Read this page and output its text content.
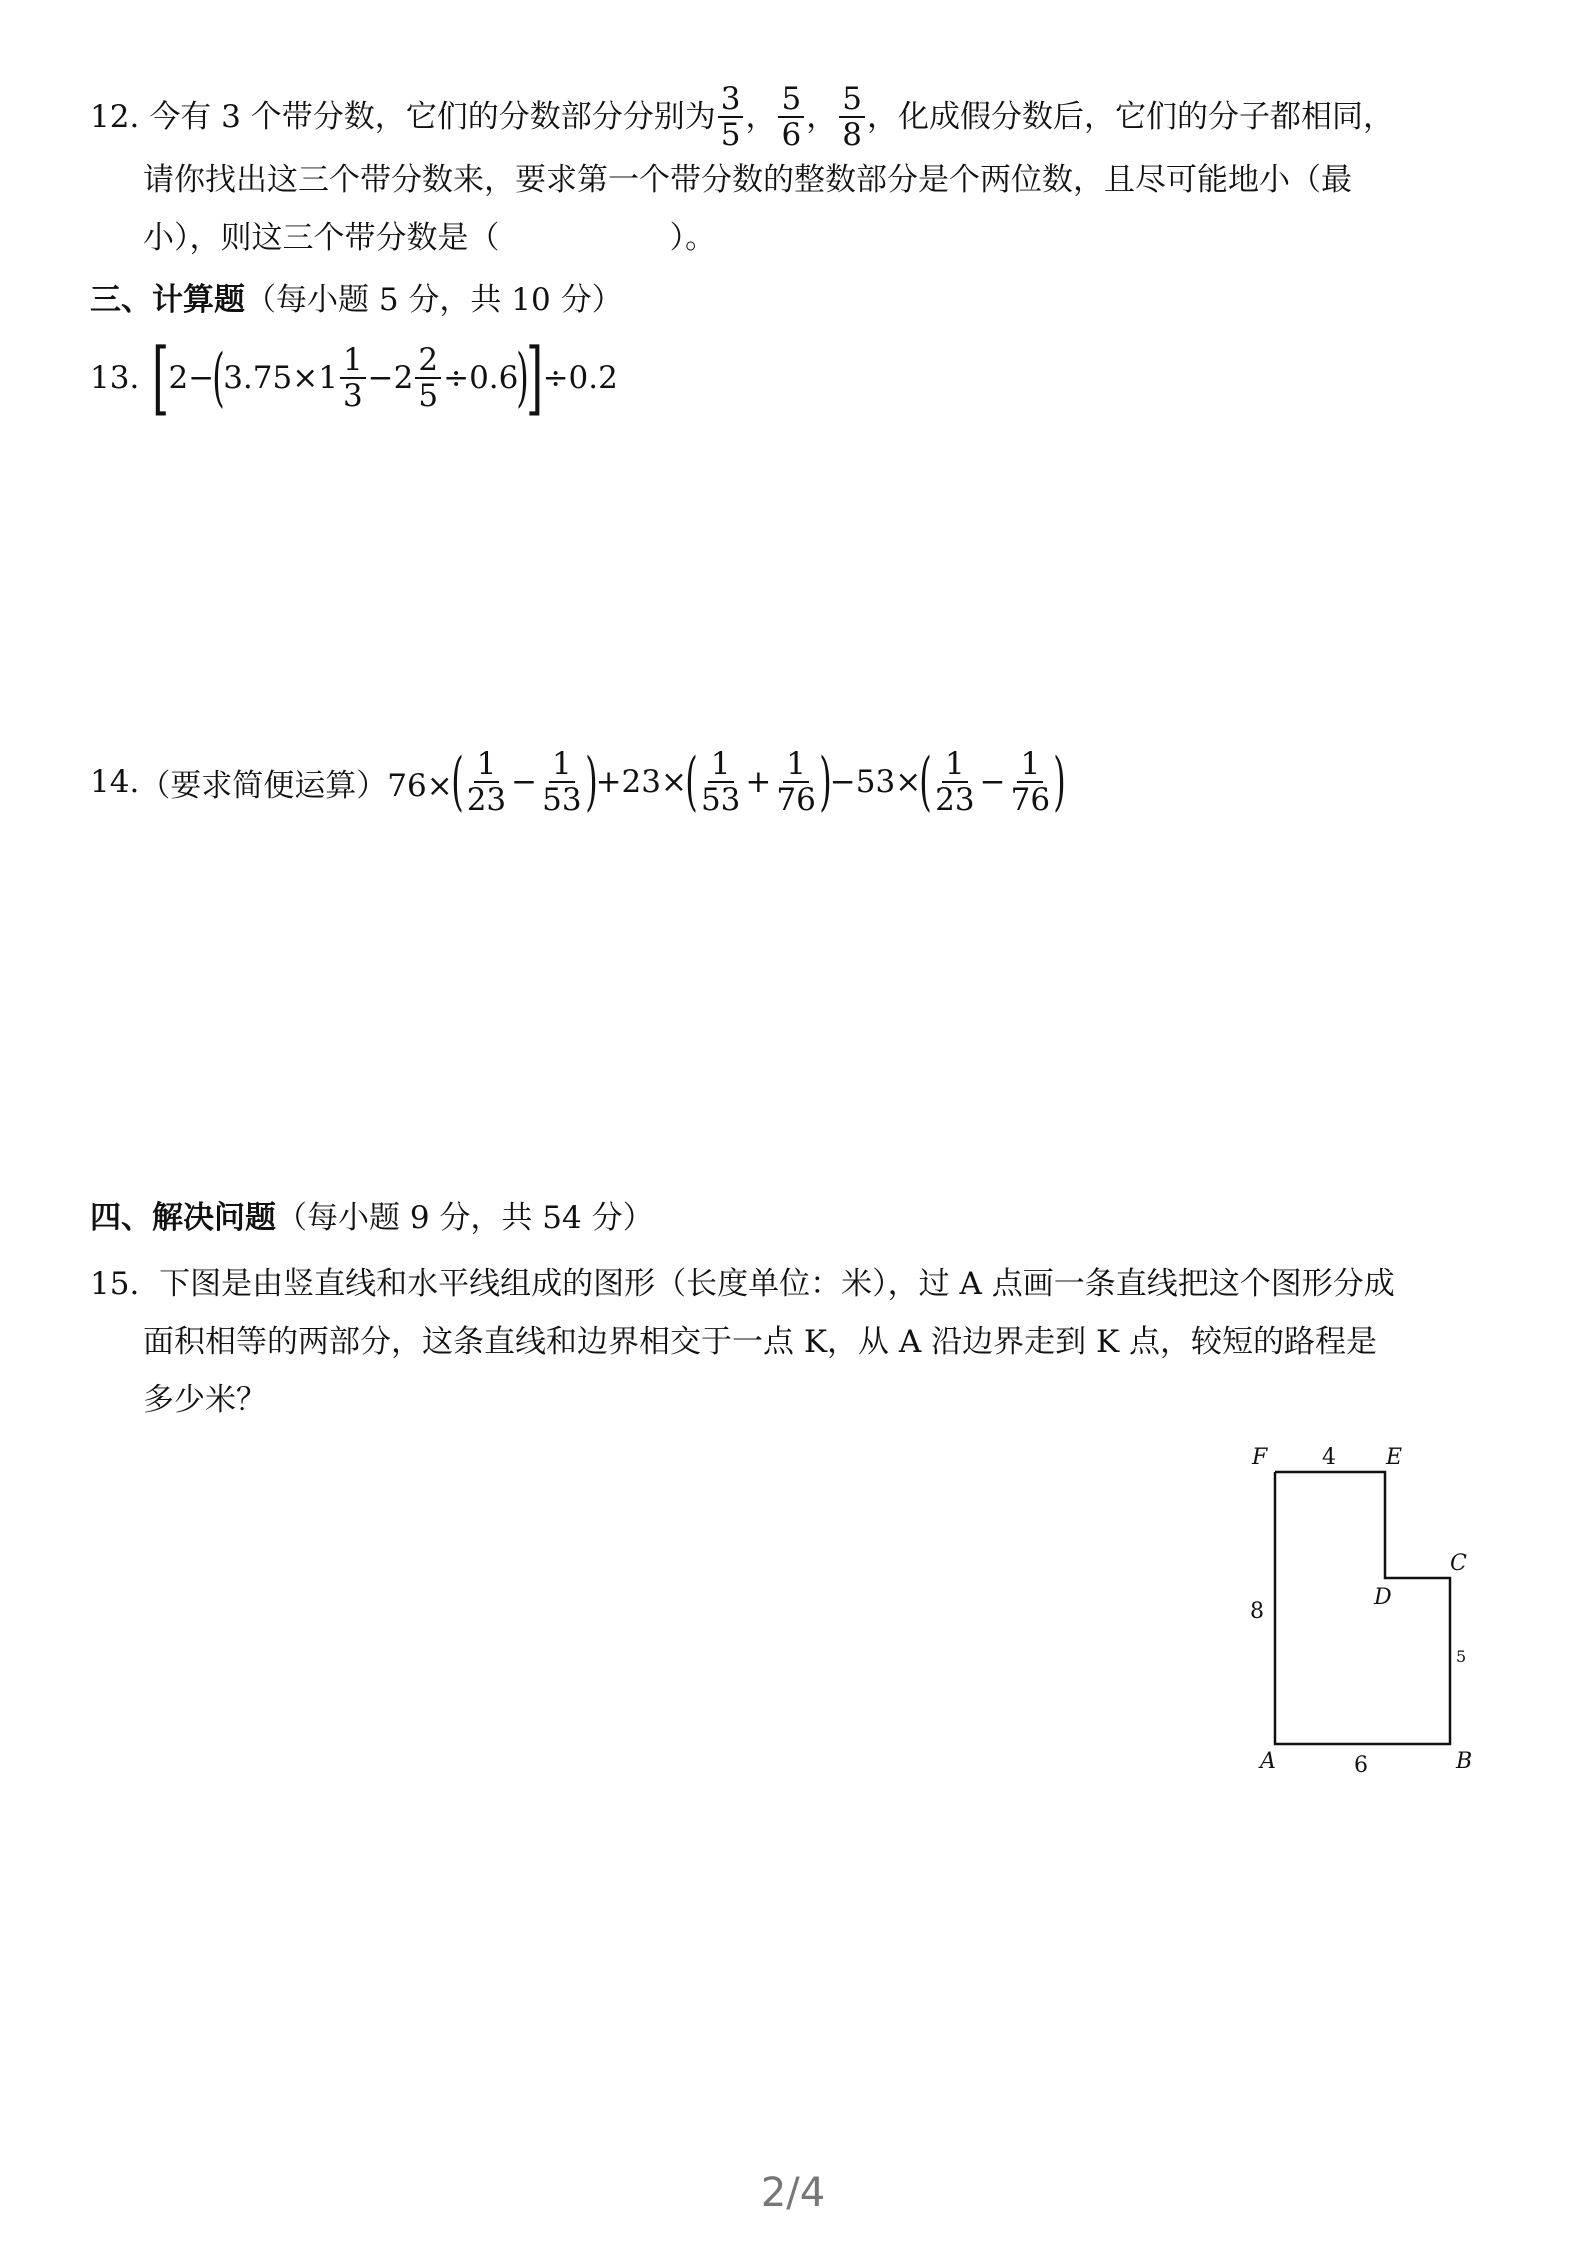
12. 今有 3 个带分数，它们的分数部分分别为 $\frac{3}{5}$ ， $\frac{5}{6}$ ， $\frac{5}{8}$ ，化成假分数后，它们的分子都相同，
请你找出这三个带分数来，要求第一个带分数的整数部分是个两位数，且尽可能地小（最
小），则这三个带分数是（	）。
三、计算题（每小题 5 分，共 10 分）
13. [ 2−
(
$3.75\times 1 \frac{1}{3} -2 \frac{2}{5} \div 0.6$
)
] ÷0.2
14. （要求简便运算）76×
( $\frac{1}{23} - \frac{1}{53}$ )
+23×
( $\frac{1}{53} + \frac{1}{76}$ )
−53×
( $\frac{1}{23} - \frac{1}{76}$ )
四、解决问题（每小题 9 分，共 54 分）
15. 下图是由竖直线和水平线组成的图形（长度单位：米），过 A 点画一条直线把这个图形分成
面积相等的两部分，这条直线和边界相交于一点 K，从 A 沿边界走到 K 点，较短的路程是
多少米？
F	E
C
D
A	B
4
8
6
5
2/4
